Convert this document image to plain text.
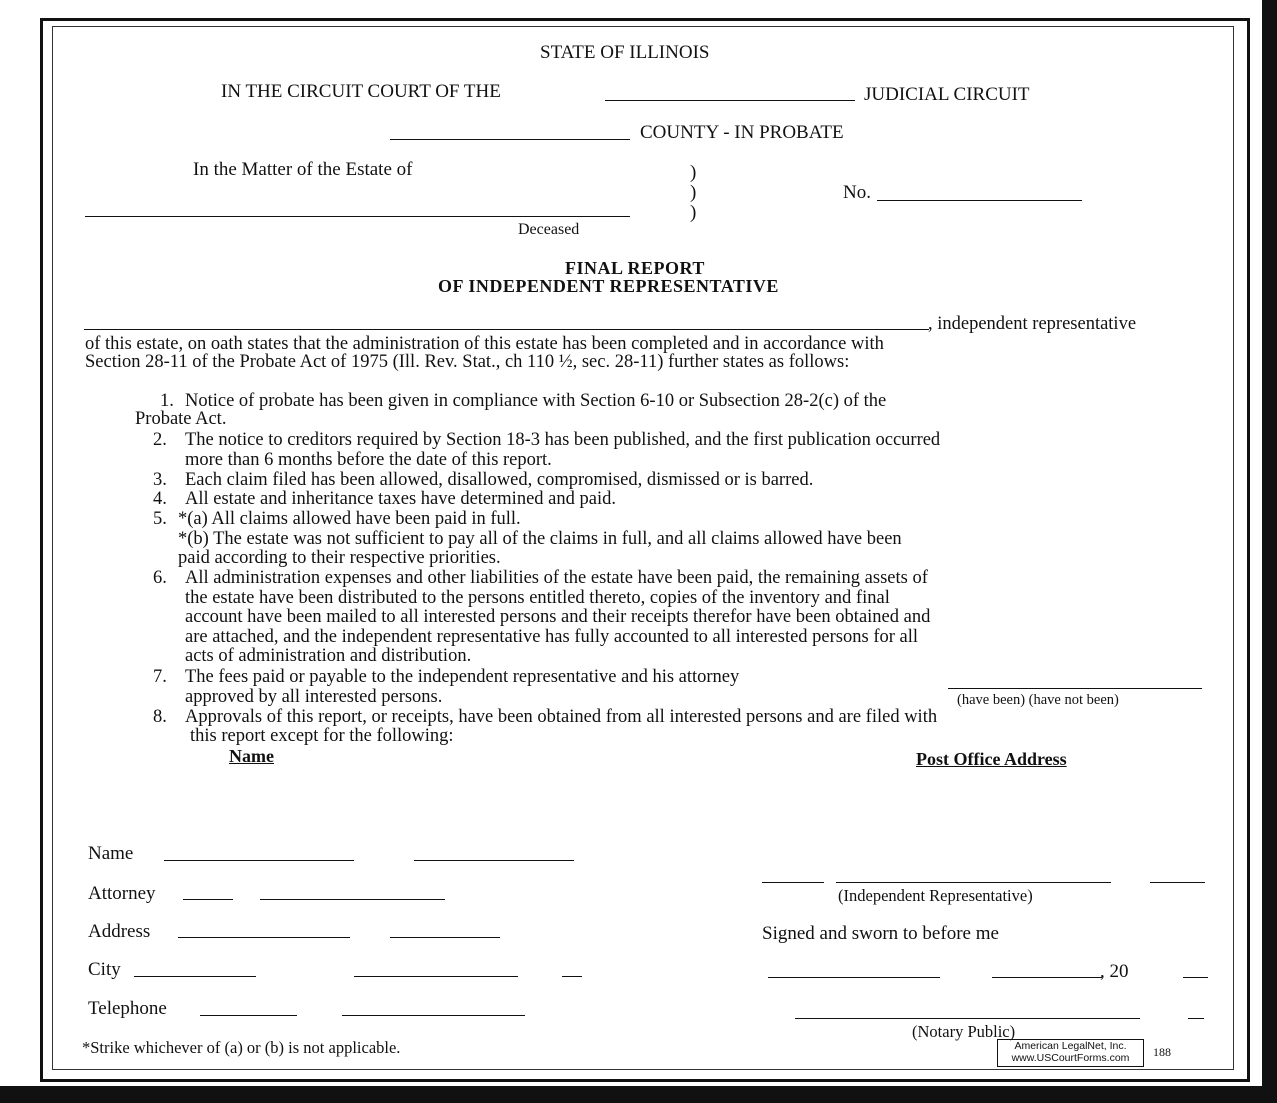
STATE OF ILLINOIS
IN THE CIRCUIT COURT OF THE	JUDICIAL CIRCUIT
COUNTY - IN PROBATE
In the Matter of the Estate of	)
)
)
No.
Deceased
FINAL REPORT
OF INDEPENDENT REPRESENTATIVE
, independent representative
of this estate, on oath states that the administration of this estate has been completed and in accordance with
Section 28-11 of the Probate Act of 1975 (Ill. Rev. Stat., ch 110 ½, sec. 28-11) further states as follows:
1. Notice of probate has been given in compliance with Section 6-10 or Subsection 28-2(c) of the
Probate Act.
2. The notice to creditors required by Section 18-3 has been published, and the first publication occurred
more than 6 months before the date of this report.
3. Each claim filed has been allowed, disallowed, compromised, dismissed or is barred.
4. All estate and inheritance taxes have determined and paid.
5. *(a) All claims allowed have been paid in full.
*(b) The estate was not sufficient to pay all of the claims in full, and all claims allowed have been
paid according to their respective priorities.
6. All administration expenses and other liabilities of the estate have been paid, the remaining assets of
the estate have been distributed to the persons entitled thereto, copies of the inventory and final
account have been mailed to all interested persons and their receipts therefor have been obtained and
are attached, and the independent representative has fully accounted to all interested persons for all
acts of administration and distribution.
7. The fees paid or payable to the independent representative and his attorney
approved by all interested persons.	(have been) (have not been)
8. Approvals of this report, or receipts, have been obtained from all interested persons and are filed with
this report except for the following:
Name	Post Office Address
Name
Attorney
Address
City
Telephone
(Independent Representative)
Signed and sworn to before me
, 20
(Notary Public)
*Strike whichever of (a) or (b) is not applicable.	American LegalNet, Inc.
www.USCourtForms.com	188
